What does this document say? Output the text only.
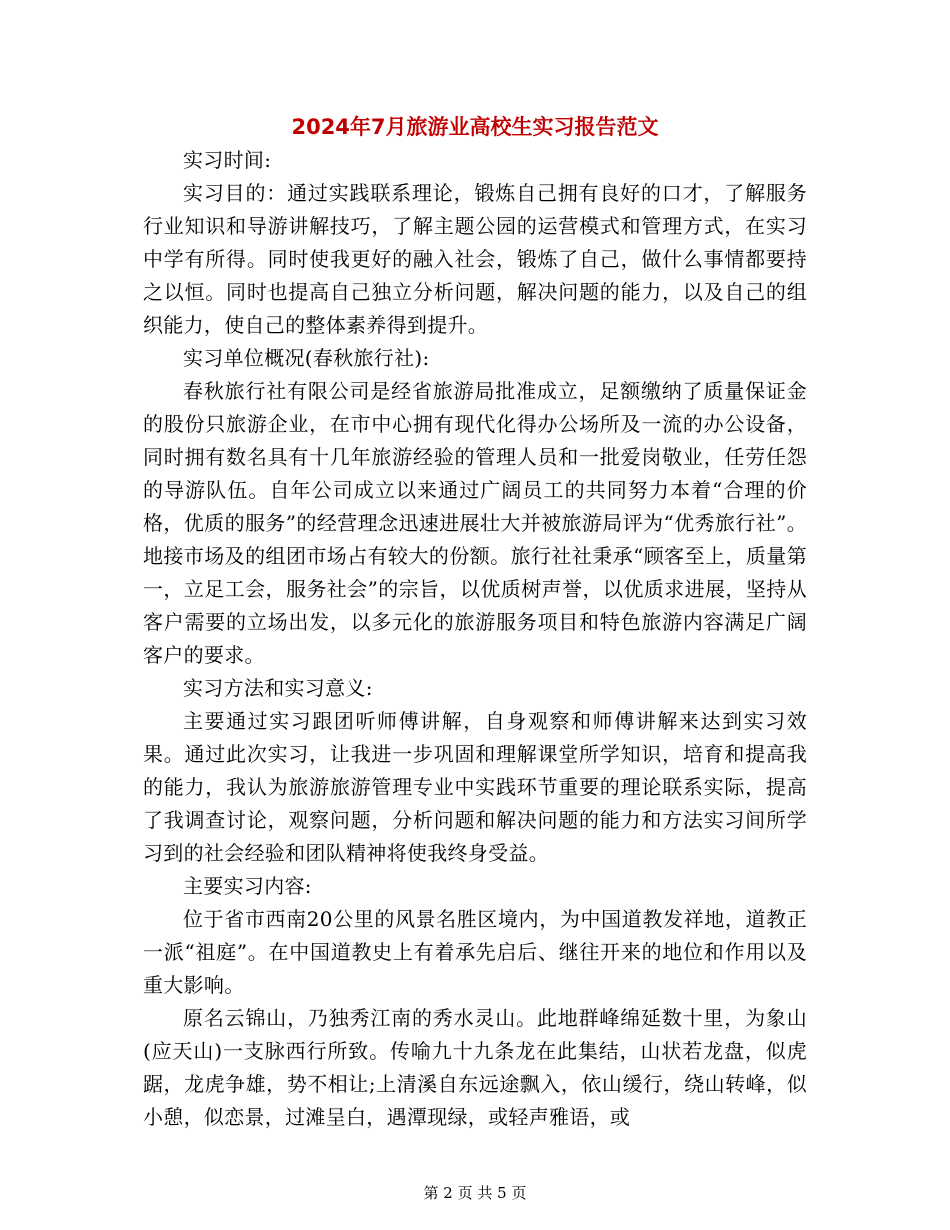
2024年7月旅游业高校生实习报告范文

实习时间:

实习目的：通过实践联系理论，锻炼自己拥有良好的口才，了解服务行业知识和导游讲解技巧，了解主题公园的运营模式和管理方式，在实习中学有所得。同时使我更好的融入社会，锻炼了自己，做什么事情都要持之以恒。同时也提高自己独立分析问题，解决问题的能力，以及自己的组织能力，使自己的整体素养得到提升。

实习单位概况(春秋旅行社):

春秋旅行社有限公司是经省旅游局批准成立，足额缴纳了质量保证金的股份只旅游企业，在市中心拥有现代化得办公场所及一流的办公设备，同时拥有数名具有十几年旅游经验的管理人员和一批爱岗敬业，任劳任怨的导游队伍。自年公司成立以来通过广阔员工的共同努力本着“合理的价格，优质的服务”的经营理念迅速进展壮大并被旅游局评为“优秀旅行社”。地接市场及的组团市场占有较大的份额。旅行社社秉承“顾客至上，质量第一，立足工会，服务社会”的宗旨，以优质树声誉，以优质求进展，坚持从客户需要的立场出发，以多元化的旅游服务项目和特色旅游内容满足广阔客户的要求。

实习方法和实习意义:

主要通过实习跟团听师傅讲解，自身观察和师傅讲解来达到实习效果。通过此次实习，让我进一步巩固和理解课堂所学知识，培育和提高我的能力，我认为旅游旅游管理专业中实践环节重要的理论联系实际，提高了我调查讨论，观察问题，分析问题和解决问题的能力和方法实习间所学习到的社会经验和团队精神将使我终身受益。

主要实习内容:

位于省市西南20公里的风景名胜区境内，为中国道教发祥地，道教正一派“祖庭”。在中国道教史上有着承先启后、继往开来的地位和作用以及重大影响。

原名云锦山，乃独秀江南的秀水灵山。此地群峰绵延数十里，为象山(应天山)一支脉西行所致。传喻九十九条龙在此集结，山状若龙盘，似虎踞，龙虎争雄，势不相让;上清溪自东远途飘入，依山缓行，绕山转峰，似小憩，似恋景，过滩呈白，遇潭现绿，或轻声雅语，或

第 2 页 共 5 页
